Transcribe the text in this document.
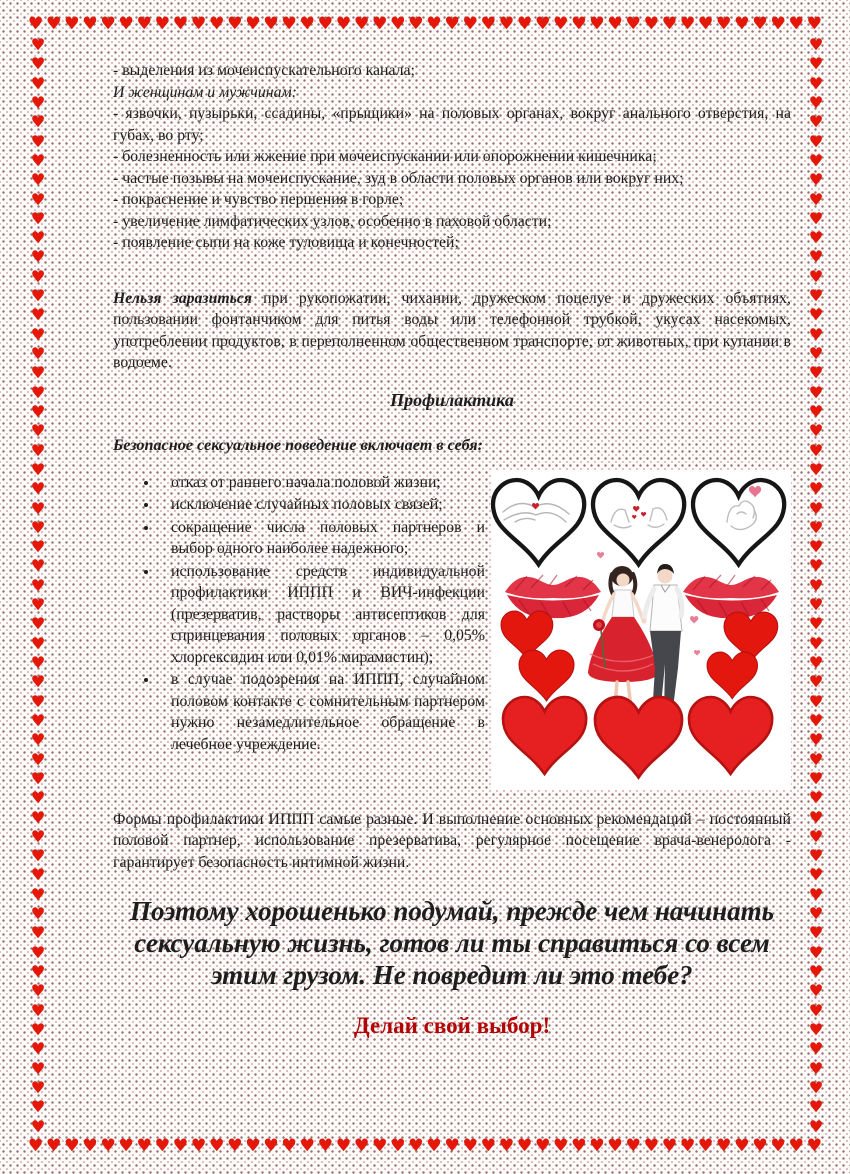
♥ ♥ ♥ ♥ ♥ ♥ ♥ ♥ ♥ ♥ ♥ ♥ ♥ ♥ ♥ ♥ ♥ ♥ ♥ ♥ ♥ ♥ ♥ ♥ ♥ ♥ ♥ ♥ ♥ ♥ ♥ ♥ ♥ ♥ ♥ ♥ ♥ ♥ ♥ ♥ ♥ ♥ ♥ ♥
♥ ♥ ♥ ♥ ♥ ♥ ♥ ♥ ♥ ♥ ♥ ♥ ♥ ♥ ♥ ♥ ♥ ♥ ♥ ♥ ♥ ♥ ♥ ♥ ♥ ♥ ♥ ♥ ♥ ♥ ♥ ♥ ♥ ♥ ♥ ♥ ♥ ♥ ♥ ♥ ♥ ♥ ♥ ♥
♥
♥
♥
♥
♥
♥
♥
♥
♥
♥
♥
♥
♥
♥
♥
♥
♥
♥
♥
♥
♥
♥
♥
♥
♥
♥
♥
♥
♥
♥
♥
♥
♥
♥
♥
♥
♥
♥
♥
♥
♥
♥
♥
♥
♥
♥
♥
♥
♥
♥
♥
♥
♥
♥
♥
♥
♥
♥
♥
♥
♥
♥
♥
♥
♥
♥
♥
♥
♥
♥
♥
♥
♥
♥
♥
♥
♥
♥
♥
♥
♥
♥
♥
♥
♥
♥
♥
♥
♥
♥
♥
♥
♥
♥
♥
♥
♥
♥
♥
♥
♥
♥
♥
♥
♥
♥
♥
♥
♥
♥
♥
♥
♥
♥
- выделения из мочеиспускательного канала;
И женщинам и мужчинам:
- язвочки, пузырьки, ссадины, «прыщики» на половых органах, вокруг анального отверстия, на губах, во рту;
- болезненность или жжение при мочеиспускании или опорожнении кишечника;
- частые позывы на мочеиспускание, зуд в области половых органов или вокруг них;
- покраснение и чувство першения в горле;
- увеличение лимфатических узлов, особенно в паховой области;
- появление сыпи на коже туловища и конечностей;

Нельзя заразиться при рукопожатии, чихании, дружеском поцелуе и дружеских объятиях, пользовании фонтанчиком для питья воды или телефонной трубкой, укусах насекомых, употреблении продуктов, в переполненном общественном транспорте, от животных, при купании в водоеме.

Профилактика

Безопасное сексуальное поведение включает в себя:

• отказ от раннего начала половой жизни;
• исключение случайных половых связей;
• сокращение числа половых партнеров и выбор одного наиболее надежного;
• использование средств индивидуальной профилактики ИППП и ВИЧ-инфекции (презерватив, растворы антисептиков для спринцевания половых органов – 0,05% хлоргексидин или 0,01% мирамистин);
• в случае подозрения на ИППП, случайном половом контакте с сомнительным партнером нужно незамедлительное обращение в лечебное учреждение.

Формы профилактики ИППП самые разные. И выполнение основных рекомендаций – постоянный половой партнер, использование презерватива, регулярное посещение врача-венеролога - гарантирует безопасность интимной жизни.

Поэтому хорошенько подумай, прежде чем начинать сексуальную жизнь, готов ли ты справиться со всем этим грузом. Не повредит ли это тебе?
Делай свой выбор!
